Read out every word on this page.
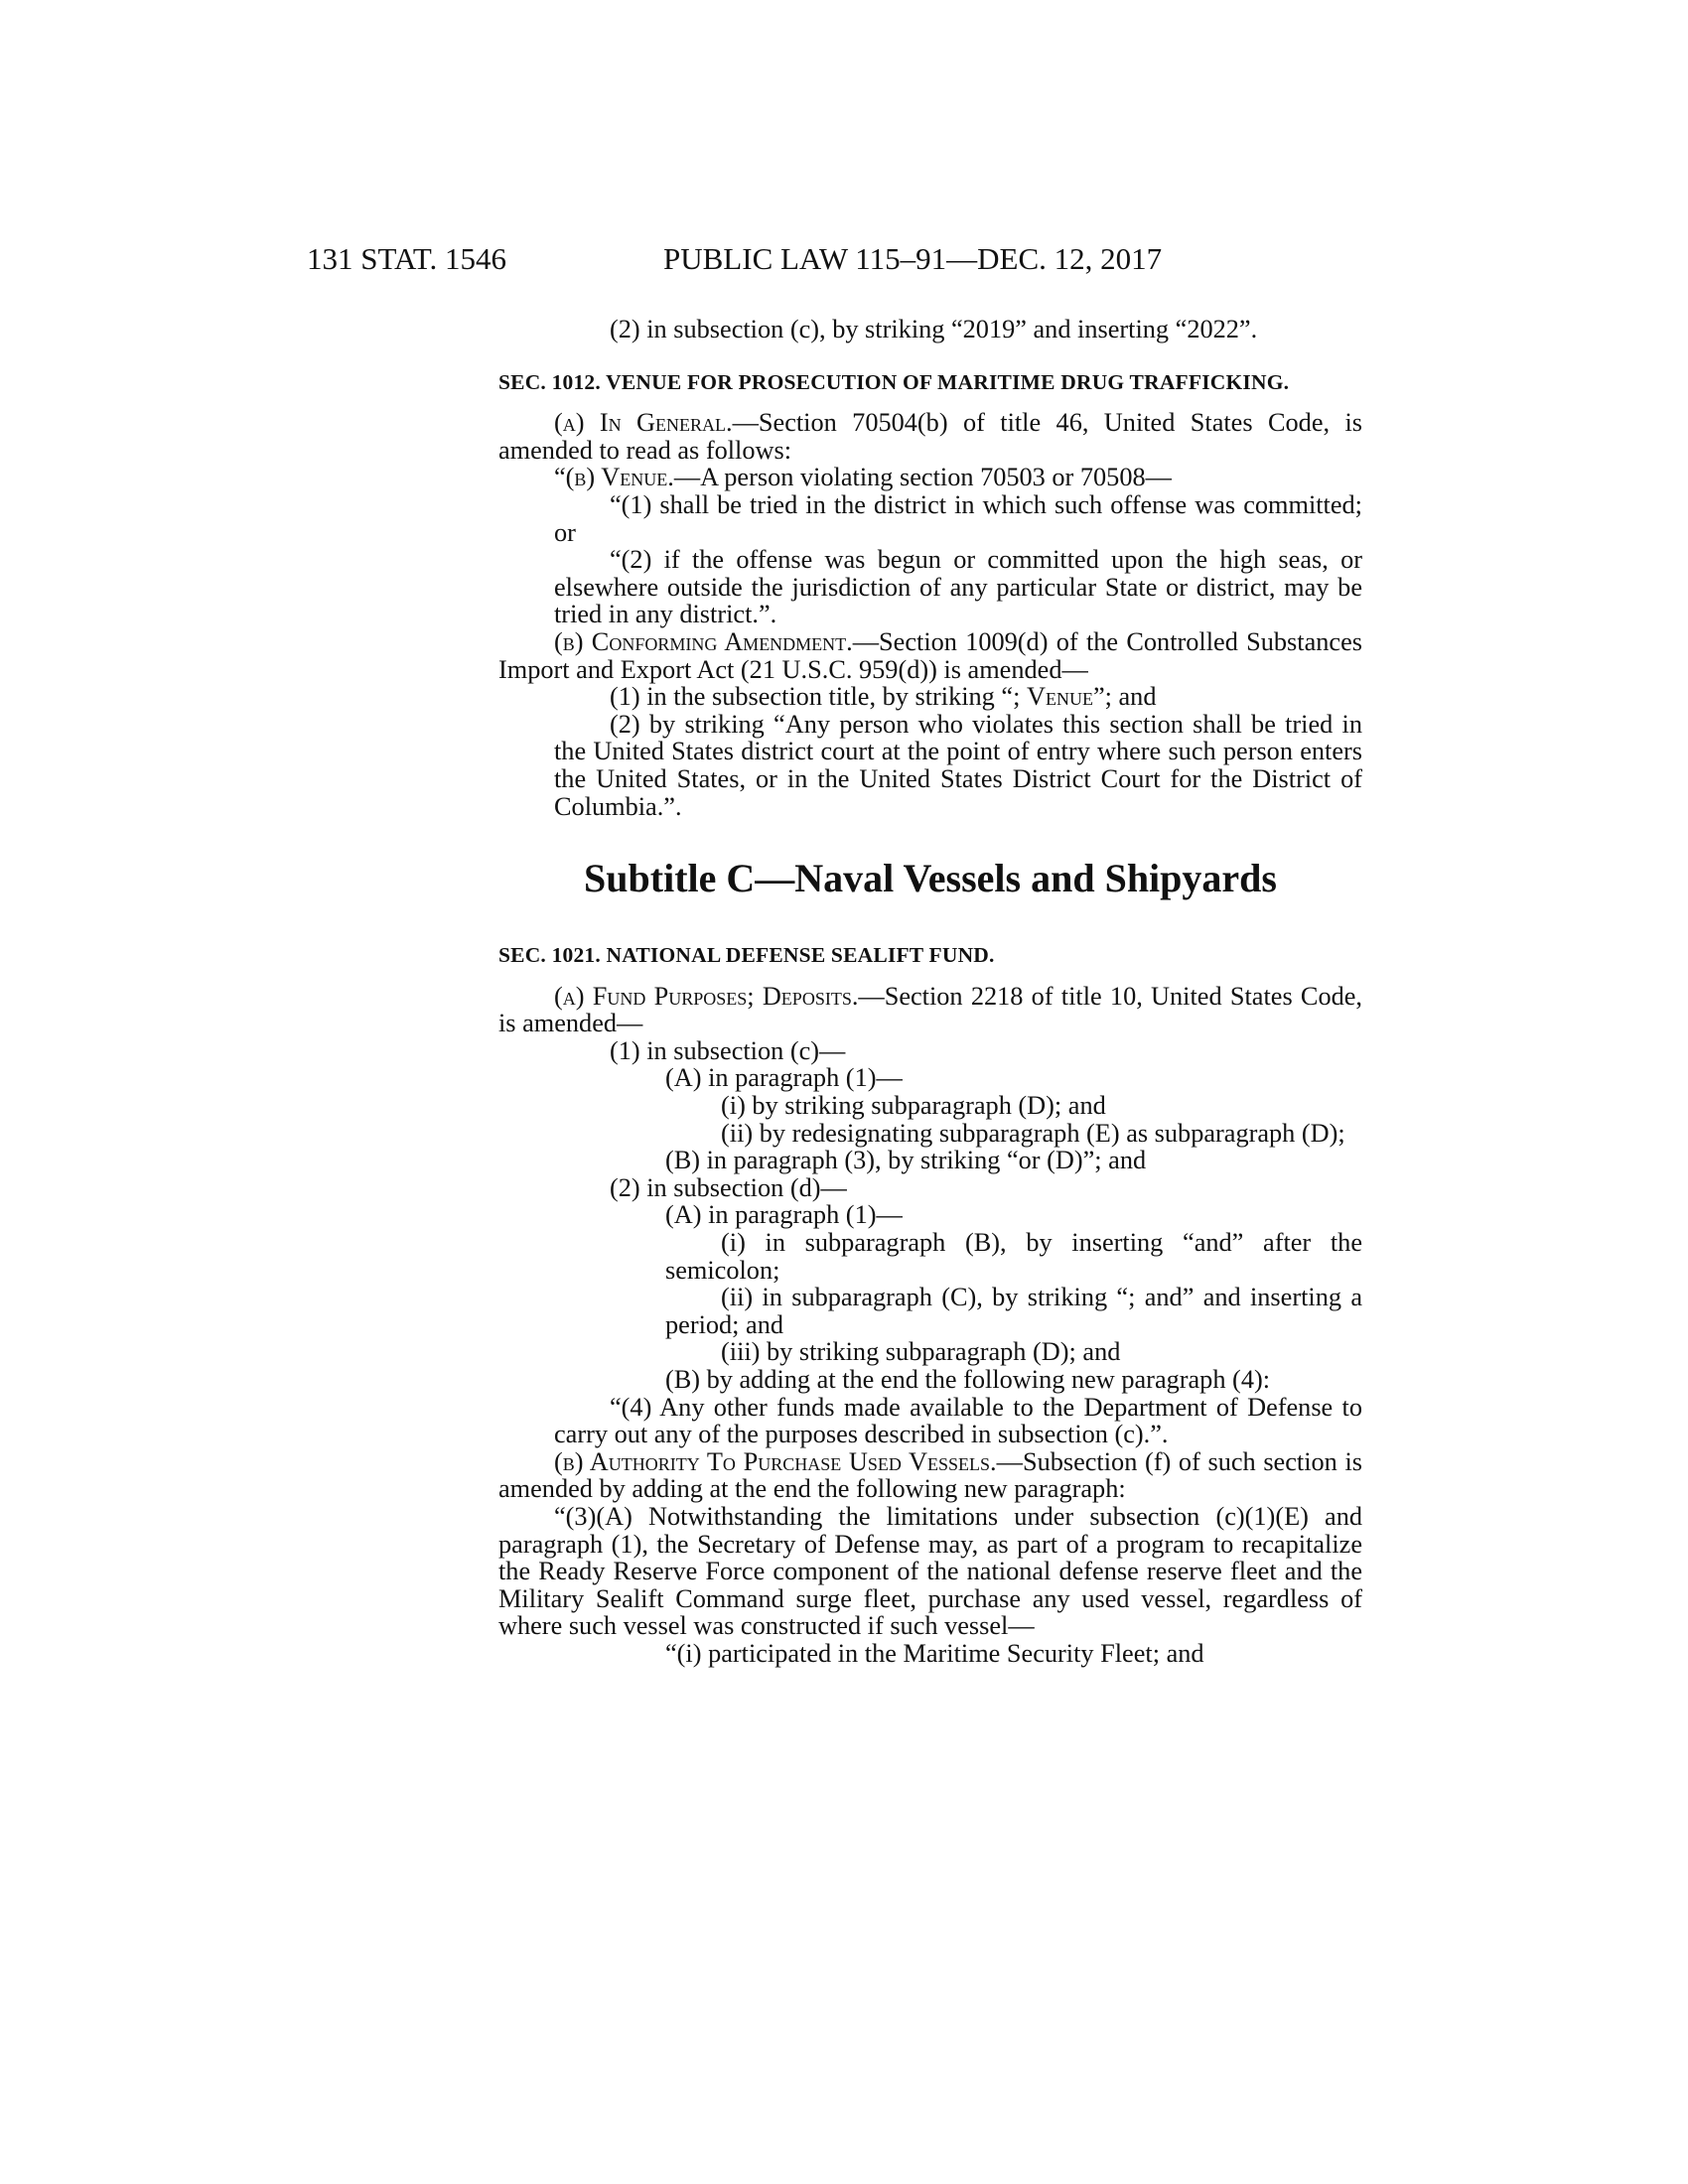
131 STAT. 1546	PUBLIC LAW 115–91—DEC. 12, 2017

(2) in subsection (c), by striking “2019” and inserting “2022”.

SEC. 1012. VENUE FOR PROSECUTION OF MARITIME DRUG TRAFFICKING.

(a) In General.—Section 70504(b) of title 46, United States Code, is amended to read as follows:

“(b) Venue.—A person violating section 70503 or 70508—

“(1) shall be tried in the district in which such offense was committed; or

“(2) if the offense was begun or committed upon the high seas, or elsewhere outside the jurisdiction of any particular State or district, may be tried in any district.”.

(b) Conforming Amendment.—Section 1009(d) of the Controlled Substances Import and Export Act (21 U.S.C. 959(d)) is amended—

(1) in the subsection title, by striking “; Venue”; and

(2) by striking “Any person who violates this section shall be tried in the United States district court at the point of entry where such person enters the United States, or in the United States District Court for the District of Columbia.”.

Subtitle C—Naval Vessels and Shipyards

SEC. 1021. NATIONAL DEFENSE SEALIFT FUND.

(a) Fund Purposes; Deposits.—Section 2218 of title 10, United States Code, is amended—

(1) in subsection (c)—

(A) in paragraph (1)—

(i) by striking subparagraph (D); and

(ii) by redesignating subparagraph (E) as subparagraph (D);

(B) in paragraph (3), by striking “or (D)”; and

(2) in subsection (d)—

(A) in paragraph (1)—

(i) in subparagraph (B), by inserting “and” after the semicolon;

(ii) in subparagraph (C), by striking “; and” and inserting a period; and

(iii) by striking subparagraph (D); and

(B) by adding at the end the following new paragraph (4):

“(4) Any other funds made available to the Department of Defense to carry out any of the purposes described in subsection (c).”.

(b) Authority To Purchase Used Vessels.—Subsection (f) of such section is amended by adding at the end the following new paragraph:

“(3)(A) Notwithstanding the limitations under subsection (c)(1)(E) and paragraph (1), the Secretary of Defense may, as part of a program to recapitalize the Ready Reserve Force component of the national defense reserve fleet and the Military Sealift Command surge fleet, purchase any used vessel, regardless of where such vessel was constructed if such vessel—

“(i) participated in the Maritime Security Fleet; and
